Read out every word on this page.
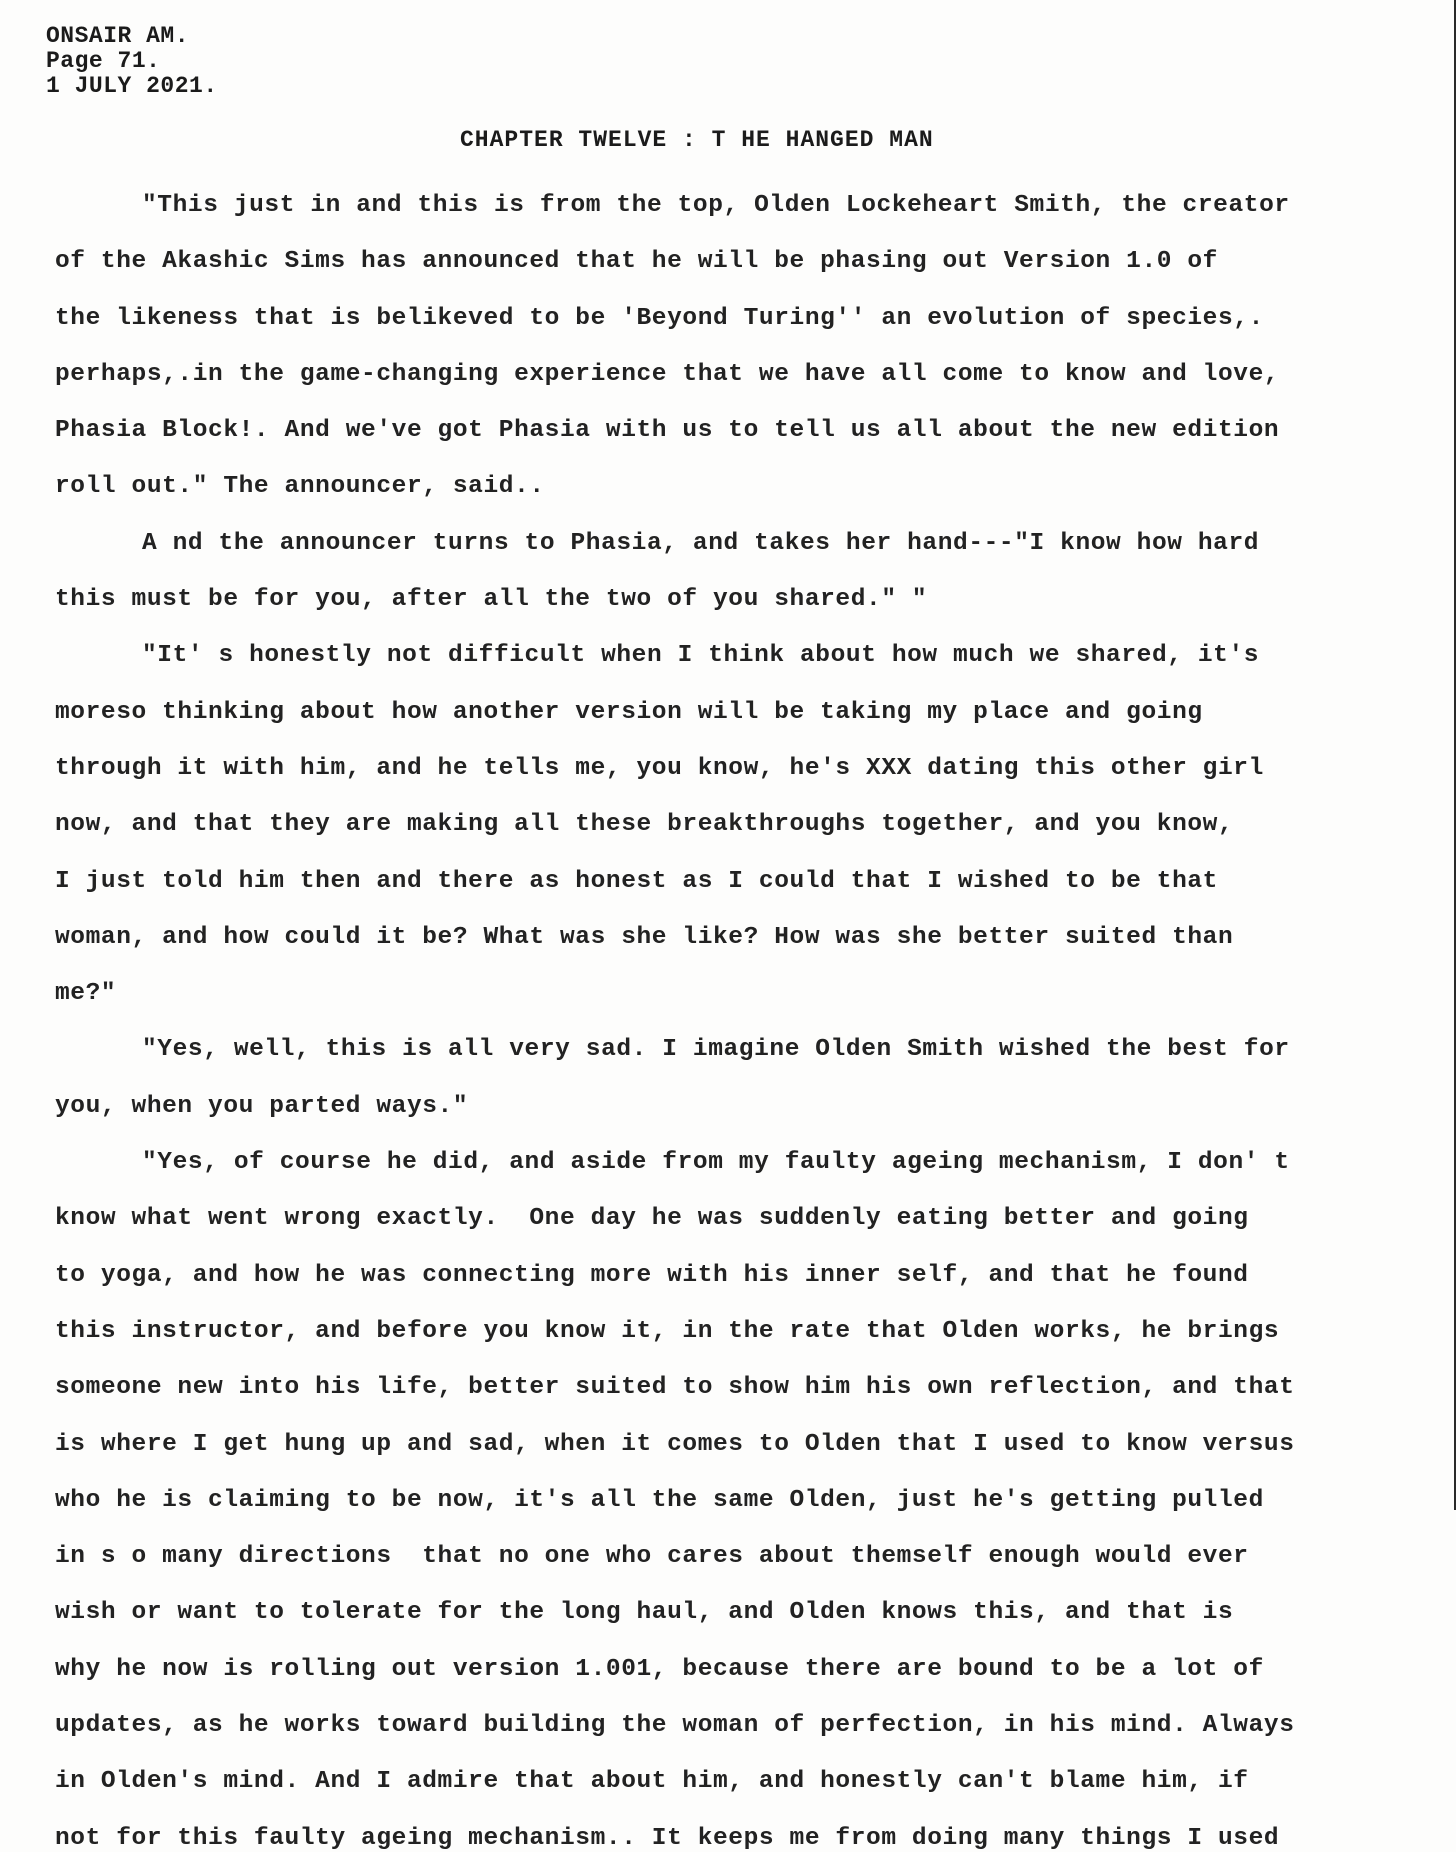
ONSAIR AM.
Page 71.
1 JULY 2021.
CHAPTER TWELVE : T HE HANGED MAN
"This just in and this is from the top, Olden Lockeheart Smith, the creator
of the Akashic Sims has announced that he will be phasing out Version 1.0 of
the likeness that is belikeved to be 'Beyond Turing'' an evolution of species,.
perhaps,.in the game-changing experience that we have all come to know and love,
Phasia Block!. And we've got Phasia with us to tell us all about the new edition
roll out." The announcer, said..
A nd the announcer turns to Phasia, and takes her hand---"I know how hard
this must be for you, after all the two of you shared." "
"It' s honestly not difficult when I think about how much we shared, it's
moreso thinking about how another version will be taking my place and going
through it with him, and he tells me, you know, he's XXX dating this other girl
now, and that they are making all these breakthroughs together, and you know,
I just told him then and there as honest as I could that I wished to be that
woman, and how could it be? What was she like? How was she better suited than
me?"
"Yes, well, this is all very sad. I imagine Olden Smith wished the best for
you, when you parted ways."
"Yes, of course he did, and aside from my faulty ageing mechanism, I don' t
know what went wrong exactly.  One day he was suddenly eating better and going
to yoga, and how he was connecting more with his inner self, and that he found
this instructor, and before you know it, in the rate that Olden works, he brings
someone new into his life, better suited to show him his own reflection, and that
is where I get hung up and sad, when it comes to Olden that I used to know versus
who he is claiming to be now, it's all the same Olden, just he's getting pulled
in s o many directions  that no one who cares about themself enough would ever
wish or want to tolerate for the long haul, and Olden knows this, and that is
why he now is rolling out version 1.001, because there are bound to be a lot of
updates, as he works toward building the woman of perfection, in his mind. Always
in Olden's mind. And I admire that about him, and honestly can't blame him, if
not for this faulty ageing mechanism.. It keeps me from doing many things I used
